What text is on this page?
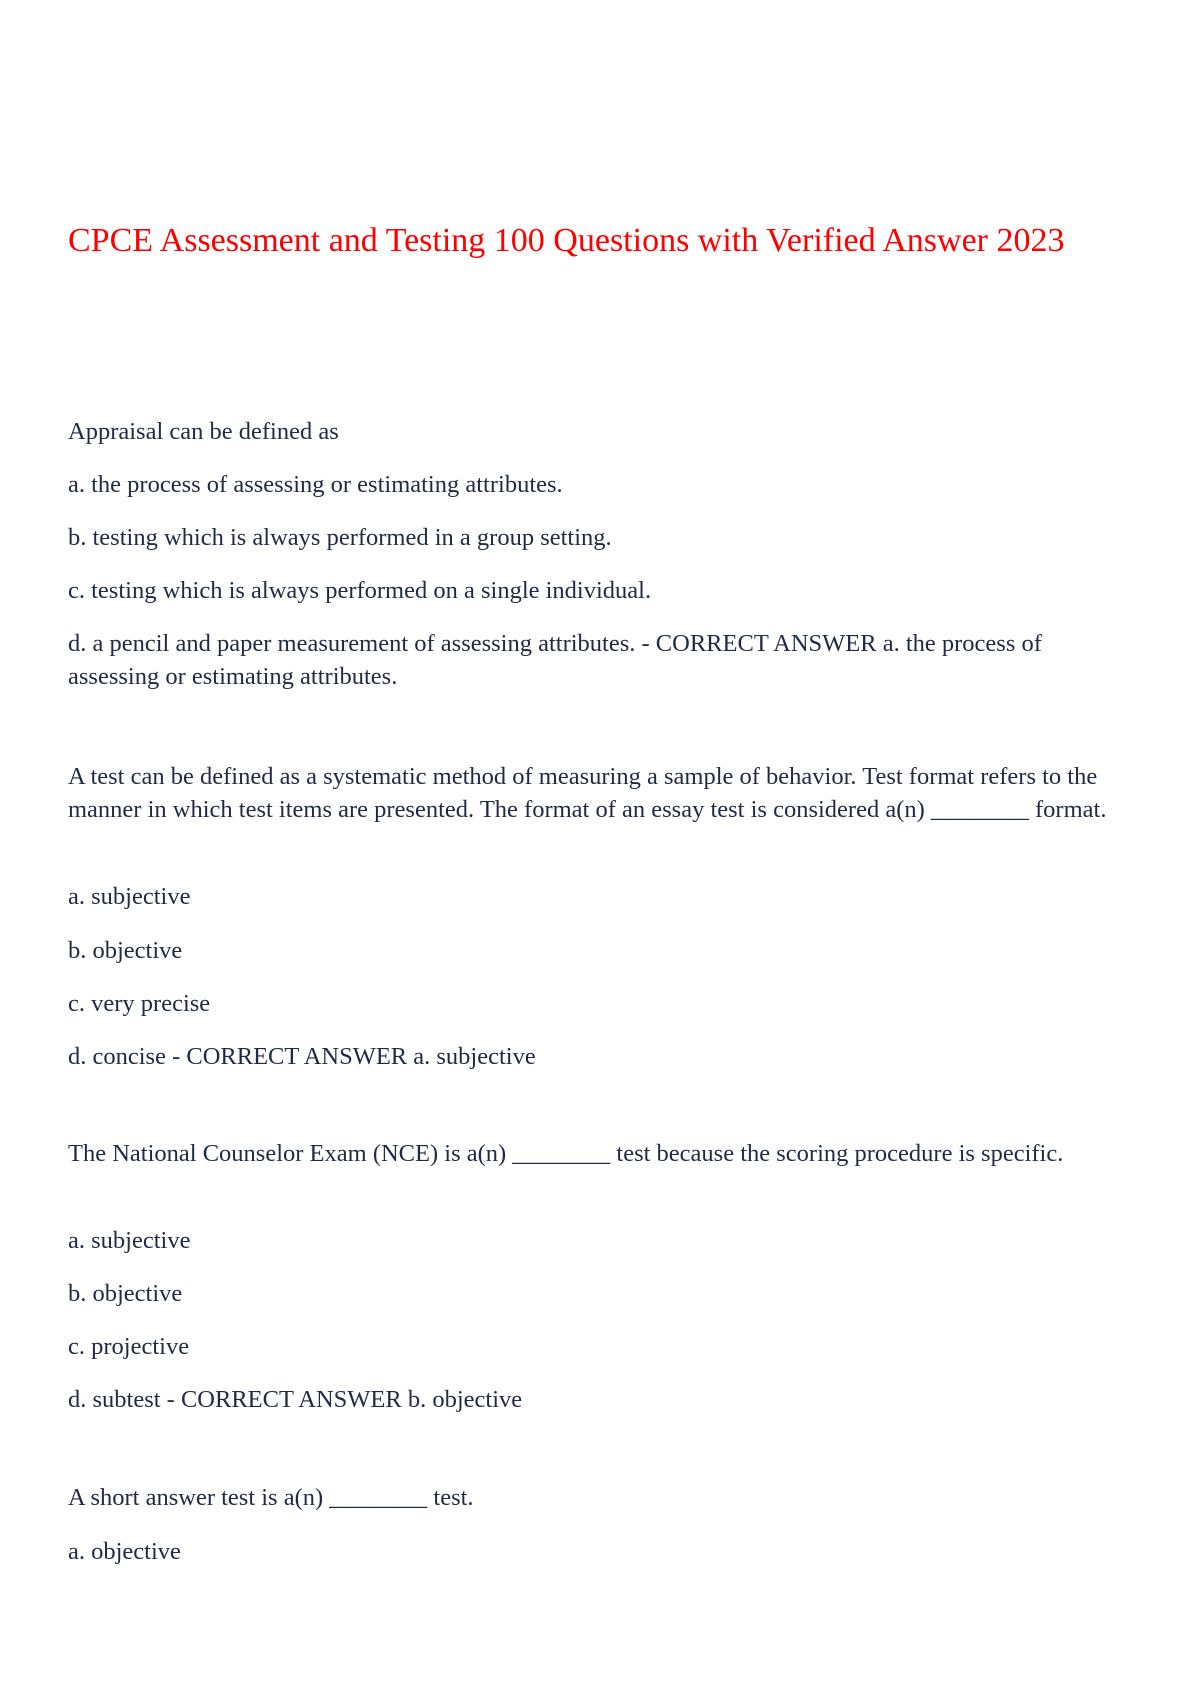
CPCE Assessment and Testing 100 Questions with Verified Answer 2023

Appraisal can be defined as

a. the process of assessing or estimating attributes.

b. testing which is always performed in a group setting.

c. testing which is always performed on a single individual.

d. a pencil and paper measurement of assessing attributes. - CORRECT ANSWER a. the process of assessing or estimating attributes.

A test can be defined as a systematic method of measuring a sample of behavior. Test format refers to the manner in which test items are presented. The format of an essay test is considered a(n) ________ format.

a. subjective

b. objective

c. very precise

d. concise - CORRECT ANSWER a. subjective

The National Counselor Exam (NCE) is a(n) ________ test because the scoring procedure is specific.

a. subjective

b. objective

c. projective

d. subtest - CORRECT ANSWER b. objective

A short answer test is a(n) ________ test.

a. objective
